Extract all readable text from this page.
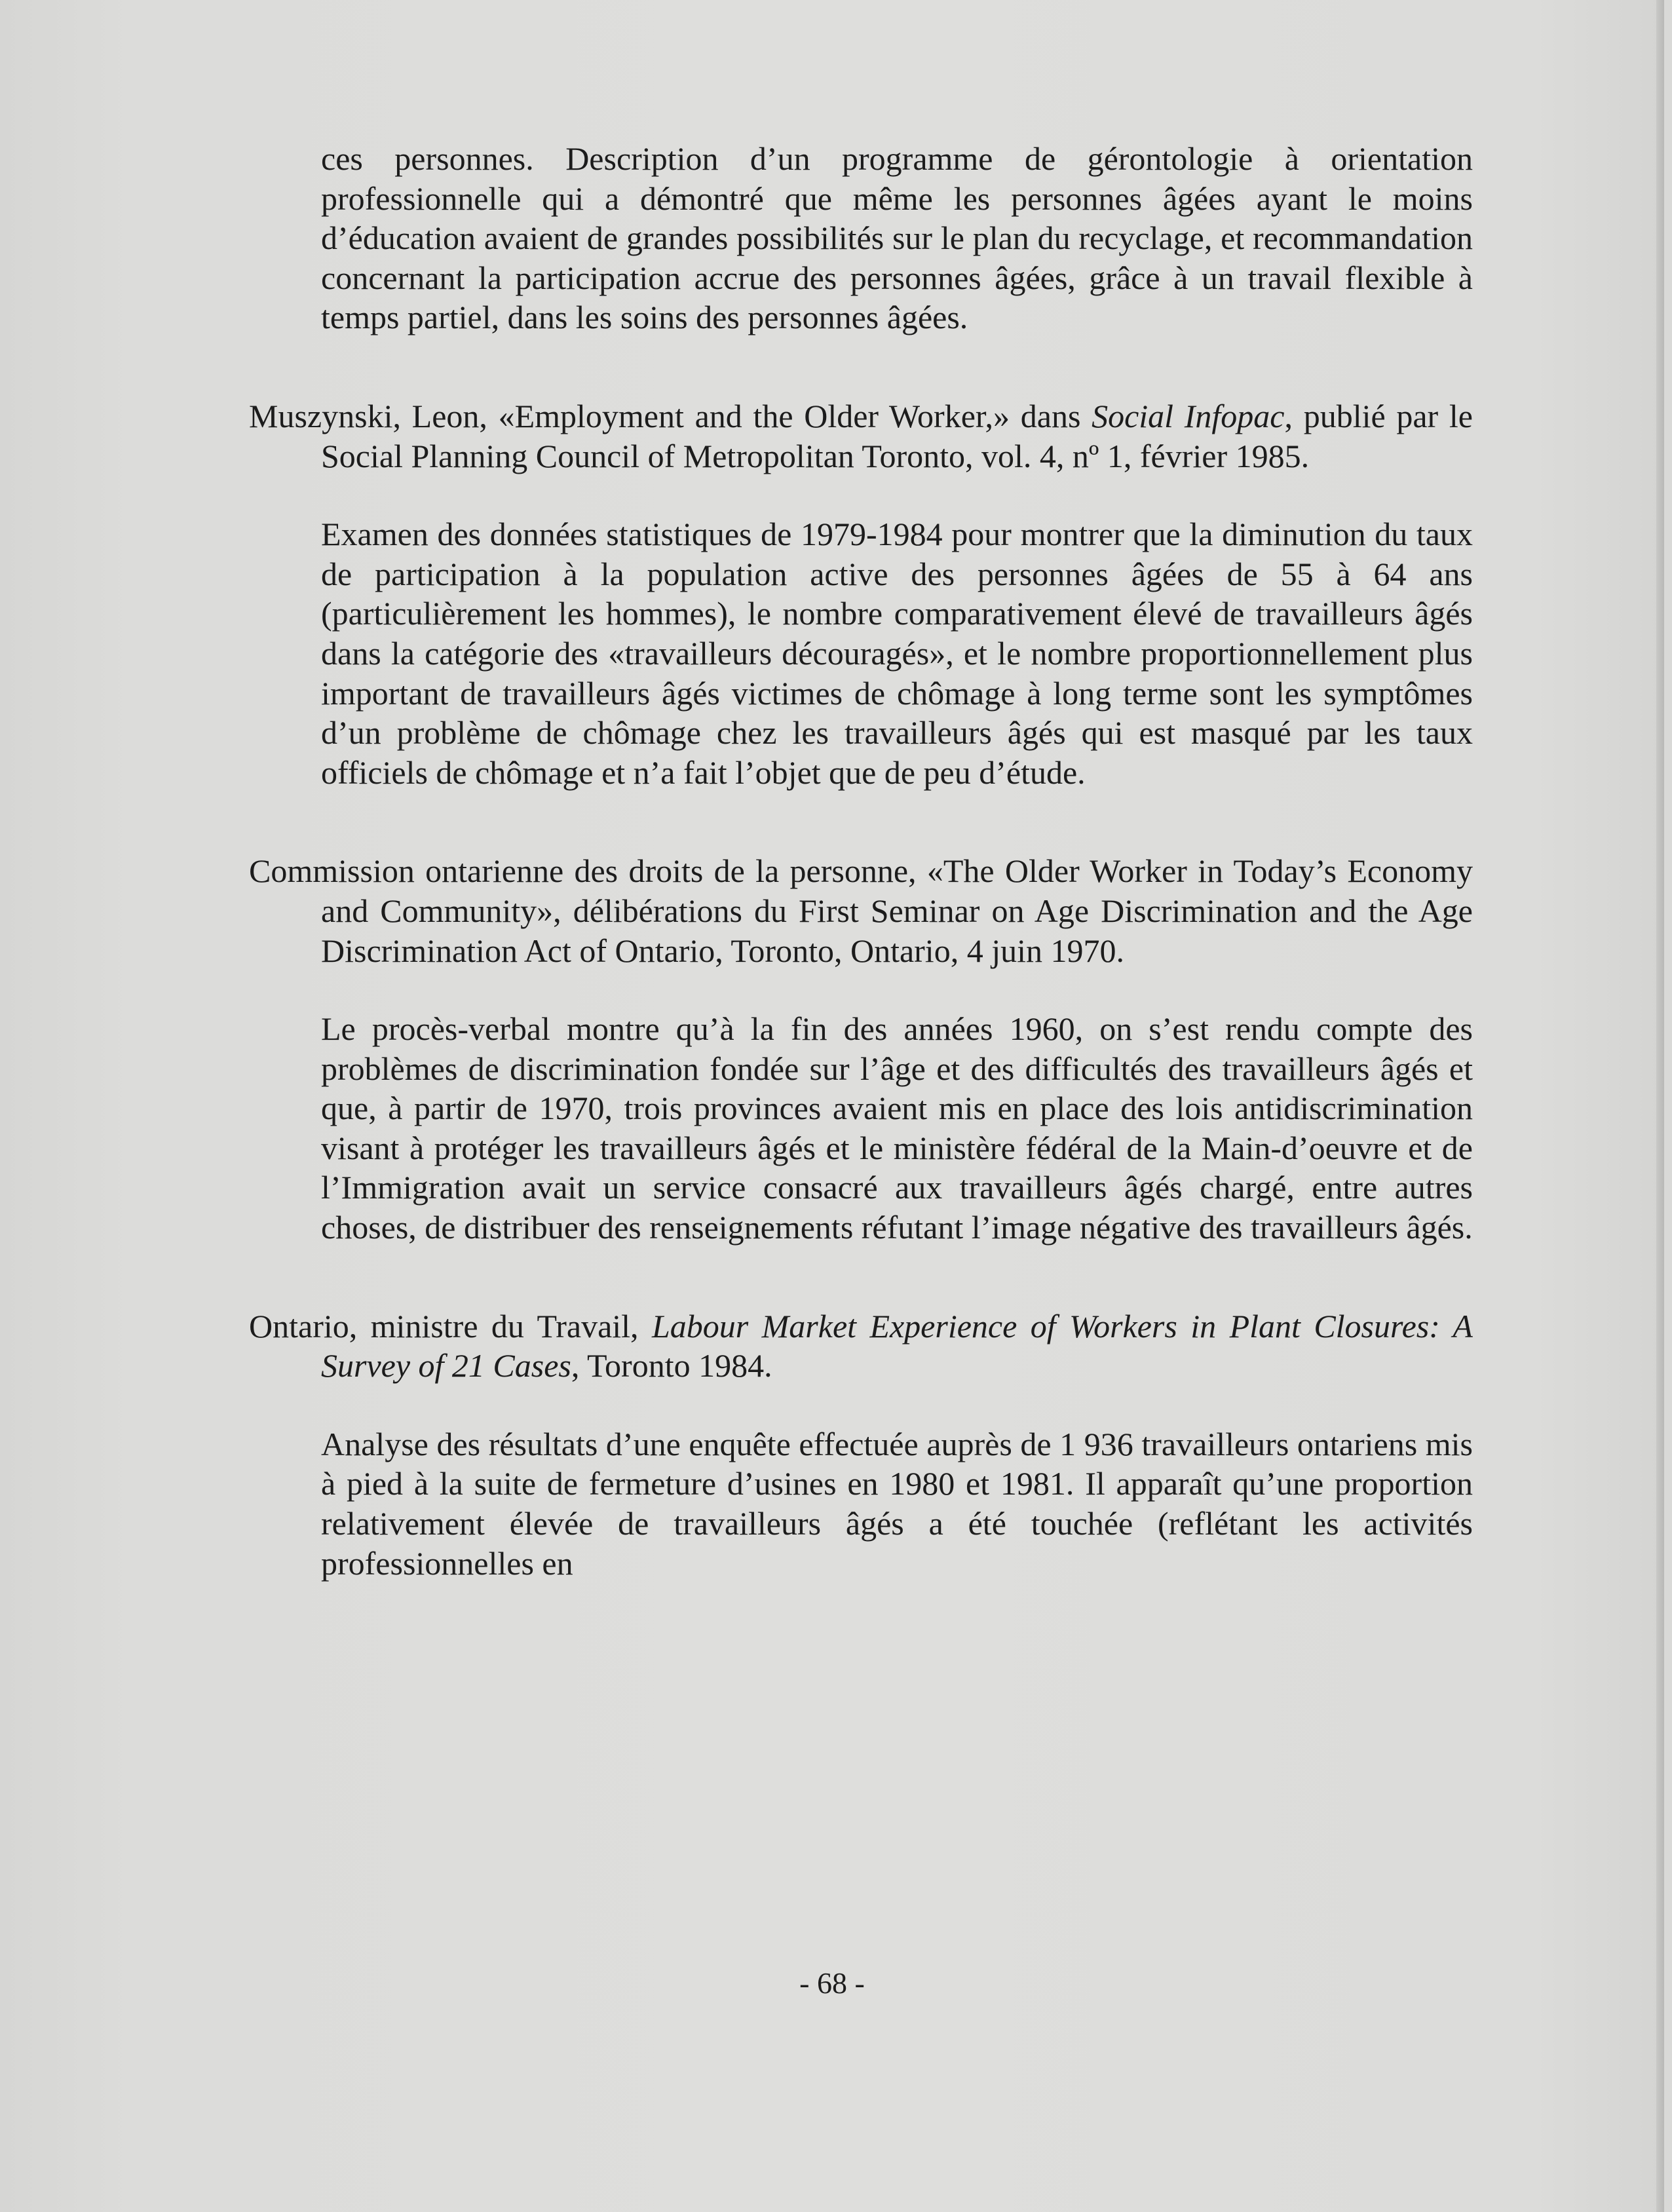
ces personnes. Description d’un programme de gérontologie à orientation professionnelle qui a démontré que même les personnes âgées ayant le moins d’éducation avaient de grandes possibilités sur le plan du recyclage, et recommandation concernant la participation accrue des personnes âgées, grâce à un travail flexible à temps partiel, dans les soins des personnes âgées.

Muszynski, Leon, «Employment and the Older Worker,» dans Social Infopac, publié par le Social Planning Council of Metropolitan Toronto, vol. 4, nº 1, février 1985.

Examen des données statistiques de 1979-1984 pour montrer que la diminution du taux de participation à la population active des personnes âgées de 55 à 64 ans (particulièrement les hommes), le nombre comparativement élevé de travailleurs âgés dans la catégorie des «travailleurs découragés», et le nombre proportionnellement plus important de travailleurs âgés victimes de chômage à long terme sont les symptômes d’un problème de chômage chez les travailleurs âgés qui est masqué par les taux officiels de chômage et n’a fait l’objet que de peu d’étude.

Commission ontarienne des droits de la personne, «The Older Worker in Today’s Economy and Community», délibérations du First Seminar on Age Discrimination and the Age Discrimination Act of Ontario, Toronto, Ontario, 4 juin 1970.

Le procès-verbal montre qu’à la fin des années 1960, on s’est rendu compte des problèmes de discrimination fondée sur l’âge et des difficultés des travailleurs âgés et que, à partir de 1970, trois provinces avaient mis en place des lois antidiscrimination visant à protéger les travailleurs âgés et le ministère fédéral de la Main-d’oeuvre et de l’Immigration avait un service consacré aux travailleurs âgés chargé, entre autres choses, de distribuer des renseignements réfutant l’image négative des travailleurs âgés.

Ontario, ministre du Travail, Labour Market Experience of Workers in Plant Closures: A Survey of 21 Cases, Toronto 1984.

Analyse des résultats d’une enquête effectuée auprès de 1 936 travailleurs ontariens mis à pied à la suite de fermeture d’usines en 1980 et 1981. Il apparaît qu’une proportion relativement élevée de travailleurs âgés a été touchée (reflétant les activités professionnelles en

- 68 -
